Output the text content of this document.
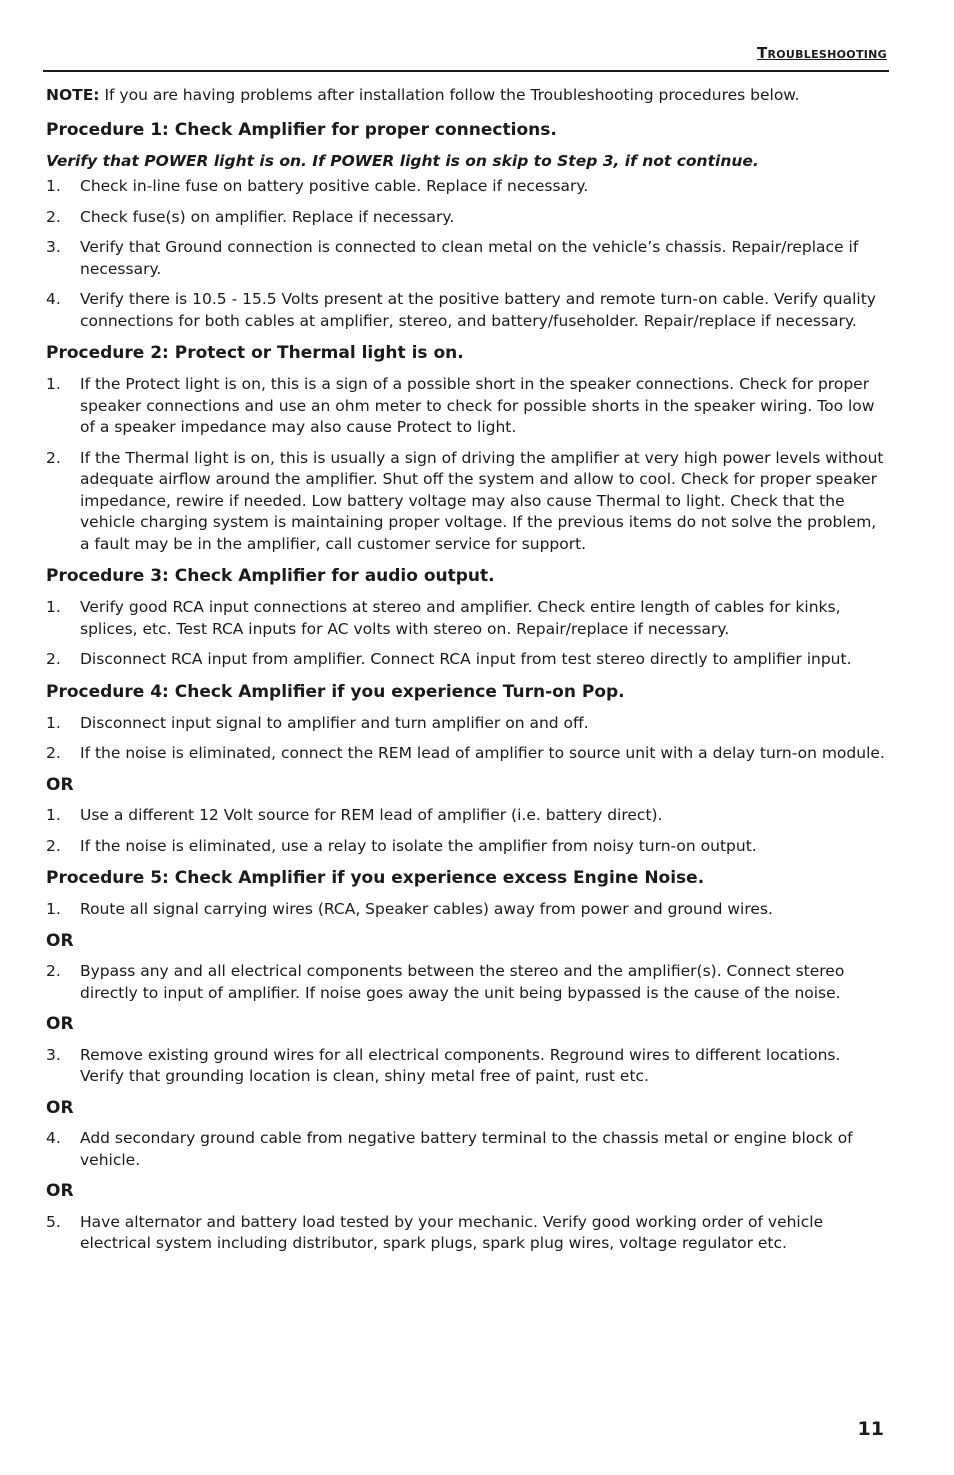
Troubleshooting

NOTE: If you are having problems after installation follow the Troubleshooting procedures below.

Procedure 1: Check Amplifier for proper connections.

Verify that POWER light is on. If POWER light is on skip to Step 3, if not continue.

1. Check in-line fuse on battery positive cable. Replace if necessary.
2. Check fuse(s) on amplifier. Replace if necessary.
3. Verify that Ground connection is connected to clean metal on the vehicle’s chassis. Repair/replace if necessary.
4. Verify there is 10.5 - 15.5 Volts present at the positive battery and remote turn-on cable. Verify quality connections for both cables at amplifier, stereo, and battery/fuseholder. Repair/replace if necessary.
Procedure 2: Protect or Thermal light is on.
1. If the Protect light is on, this is a sign of a possible short in the speaker connections. Check for proper speaker connections and use an ohm meter to check for possible shorts in the speaker wiring. Too low of a speaker impedance may also cause Protect to light.
2. If the Thermal light is on, this is usually a sign of driving the amplifier at very high power levels without adequate airflow around the amplifier. Shut off the system and allow to cool. Check for proper speaker impedance, rewire if needed. Low battery voltage may also cause Thermal to light. Check that the vehicle charging system is maintaining proper voltage. If the previous items do not solve the problem, a fault may be in the amplifier, call customer service for support.
Procedure 3: Check Amplifier for audio output.
1. Verify good RCA input connections at stereo and amplifier. Check entire length of cables for kinks, splices, etc. Test RCA inputs for AC volts with stereo on. Repair/replace if necessary.
2. Disconnect RCA input from amplifier. Connect RCA input from test stereo directly to amplifier input.
Procedure 4: Check Amplifier if you experience Turn-on Pop.
1. Disconnect input signal to amplifier and turn amplifier on and off.
2. If the noise is eliminated, connect the REM lead of amplifier to source unit with a delay turn-on module.
OR
1. Use a different 12 Volt source for REM lead of amplifier (i.e. battery direct).
2. If the noise is eliminated, use a relay to isolate the amplifier from noisy turn-on output.
Procedure 5: Check Amplifier if you experience excess Engine Noise.
1. Route all signal carrying wires (RCA, Speaker cables) away from power and ground wires.
OR
2. Bypass any and all electrical components between the stereo and the amplifier(s). Connect stereo directly to input of amplifier. If noise goes away the unit being bypassed is the cause of the noise.
OR
3. Remove existing ground wires for all electrical components. Reground wires to different locations. Verify that grounding location is clean, shiny metal free of paint, rust etc.
OR
4. Add secondary ground cable from negative battery terminal to the chassis metal or engine block of vehicle.
OR
5. Have alternator and battery load tested by your mechanic. Verify good working order of vehicle electrical system including distributor, spark plugs, spark plug wires, voltage regulator etc.
11
